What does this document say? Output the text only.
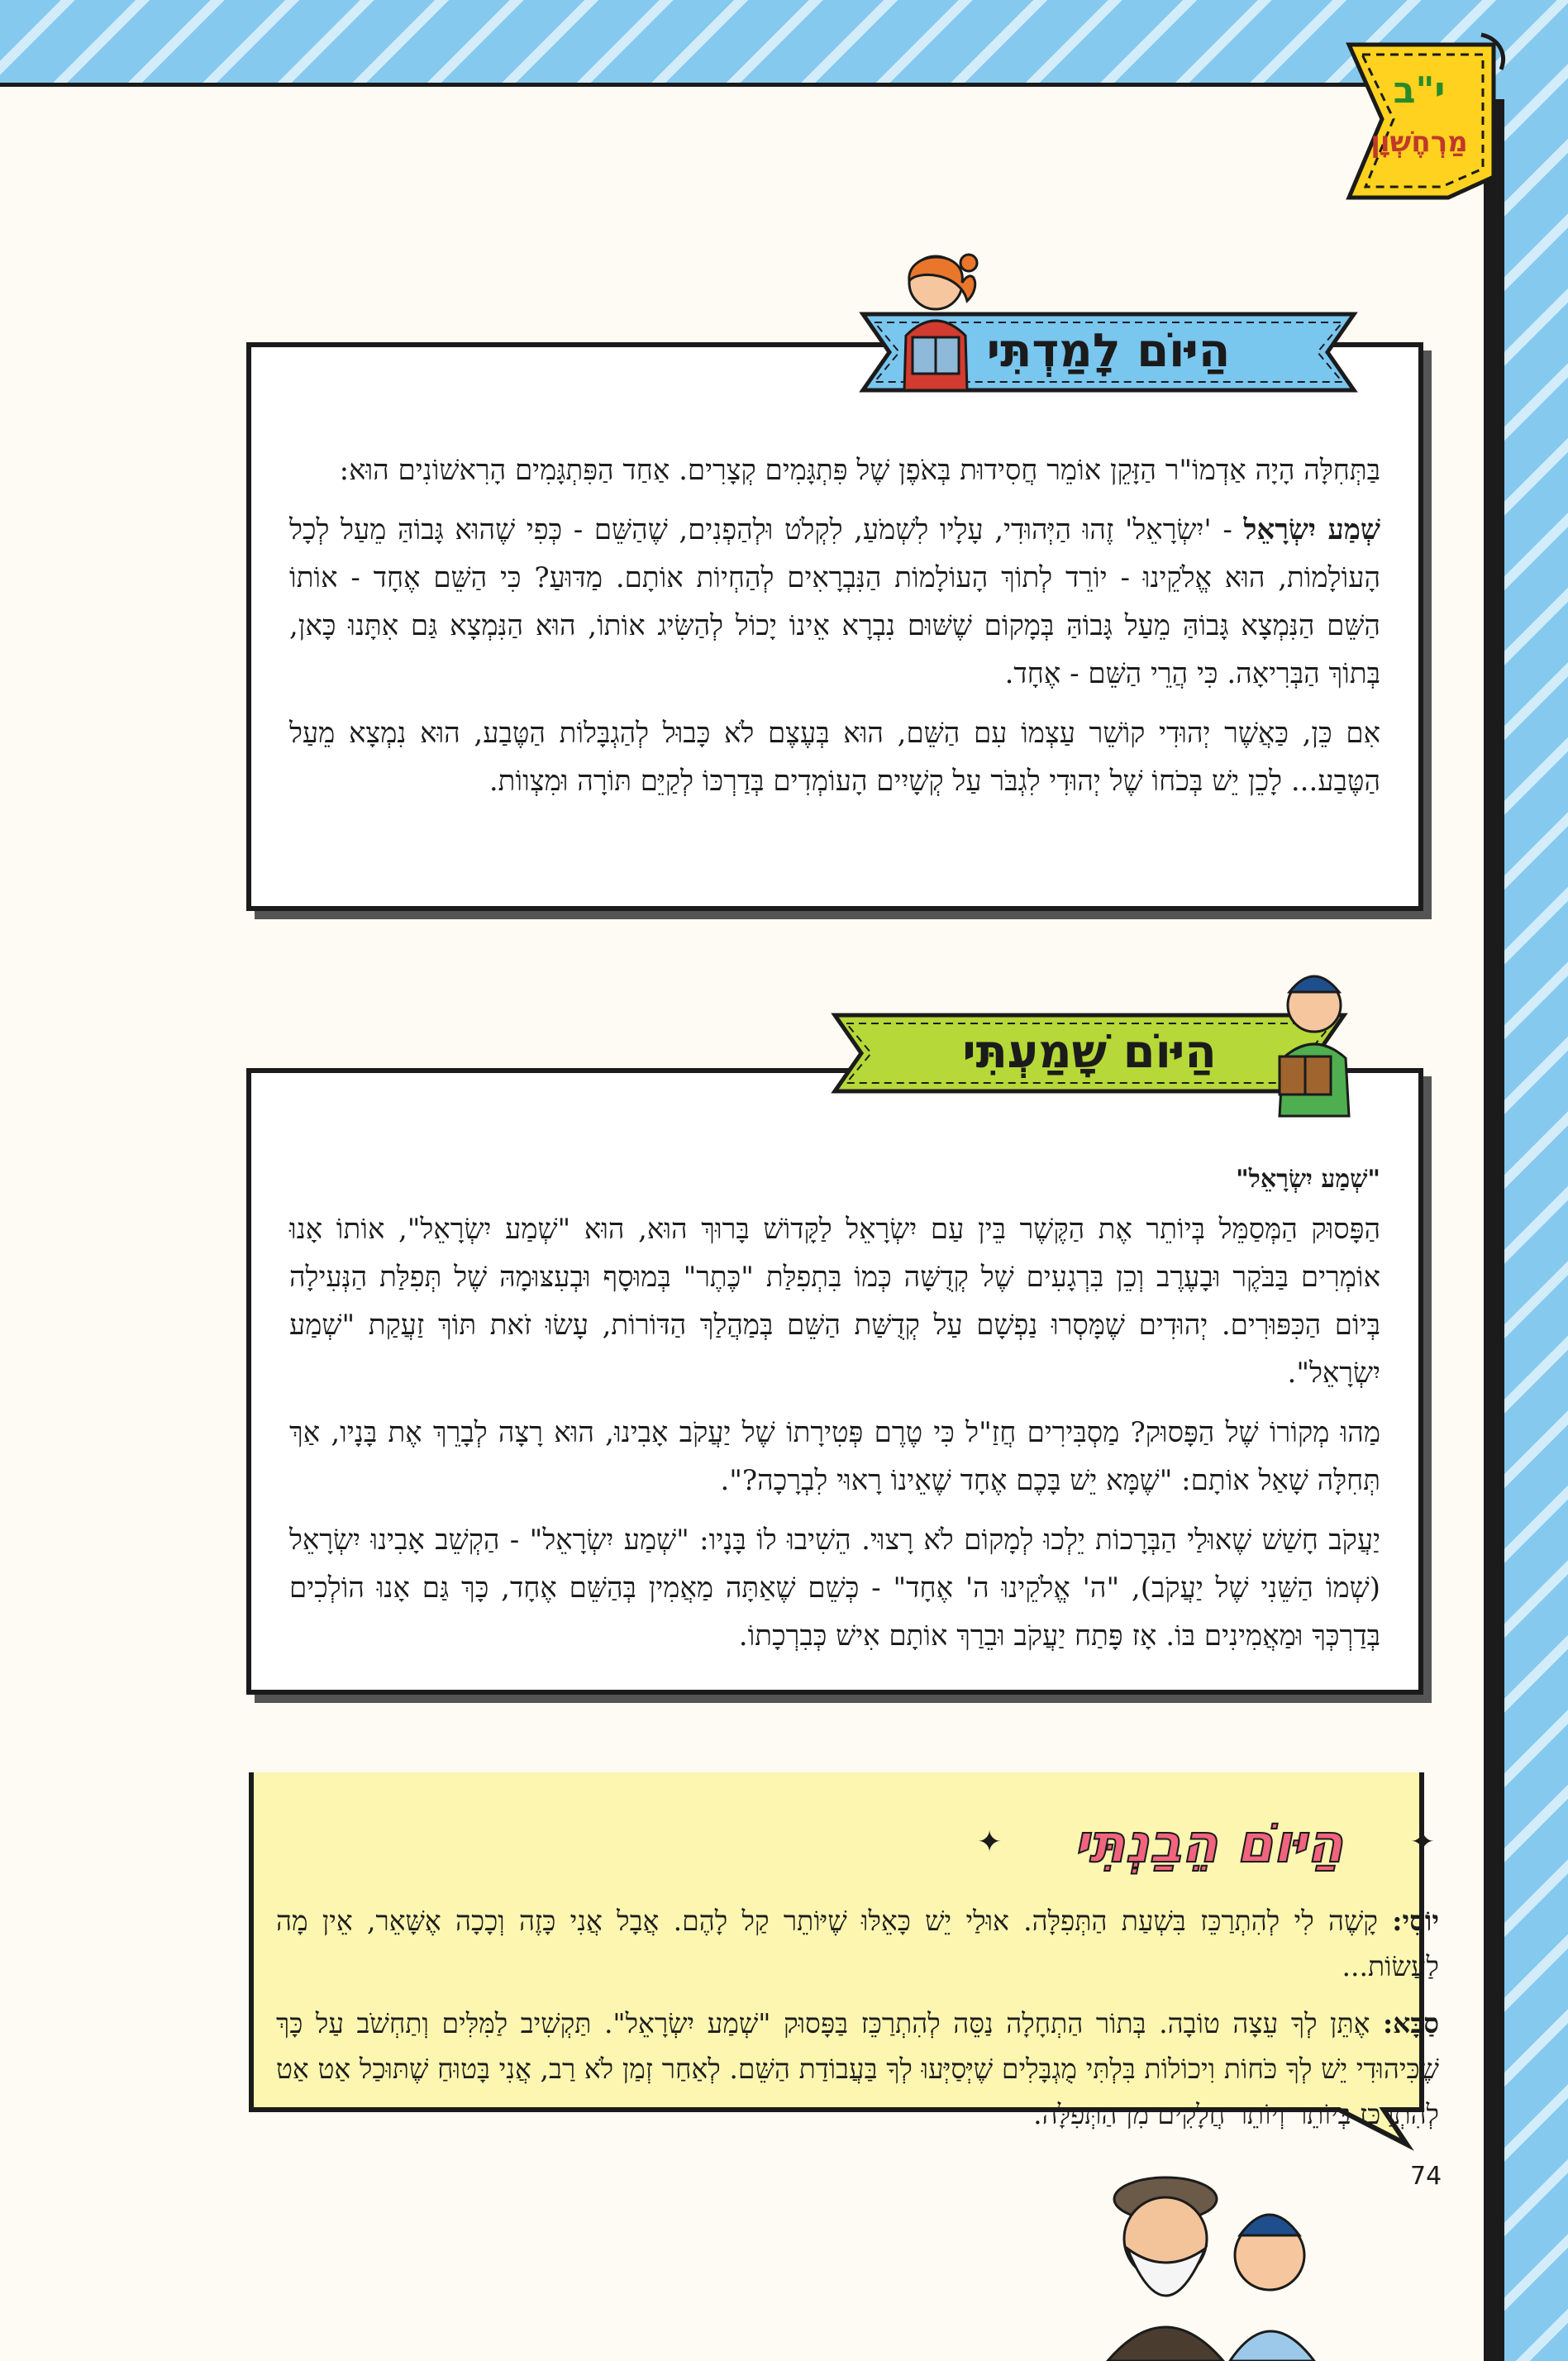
י"ב
מַרְחֶשְׁוָן

בַּתְּחִלָּה הָיָה אַדְמוֹ"ר הַזָּקֵן אוֹמֵר חֲסִידוּת בְּאֹפֶן שֶׁל פִּתְגָּמִים קְצָרִים. אַחַד הַפִּתְגָּמִים הָרִאשׁוֹנִים הוּא:

שְׁמַע יִשְׂרָאֵל - 'יִשְׂרָאֵל' זֶהוּ הַיְּהוּדִי, עָלָיו לִשְׁמֹעַ, לִקְלֹט וּלְהַפְנִים, שֶׁהַשֵּׁם - כְּפִי שֶׁהוּא גָּבוֹהַּ מֵעַל לְכָל הָעוֹלָמוֹת, הוּא אֱלֹקֵינוּ - יוֹרֵד לְתוֹךְ הָעוֹלָמוֹת הַנִּבְרָאִים לְהַחְיוֹת אוֹתָם. מַדּוּעַ? כִּי הַשֵּׁם אֶחָד - אוֹתוֹ הַשֵּׁם הַנִּמְצָא גָּבוֹהַּ מֵעַל גָּבוֹהַּ בְּמָקוֹם שֶׁשּׁוּם נִבְרָא אֵינוֹ יָכוֹל לְהַשִּׂיג אוֹתוֹ, הוּא הַנִּמְצָא גַּם אִתָּנוּ כָּאן, בְּתוֹךְ הַבְּרִיאָה. כִּי הֲרֵי הַשֵּׁם - אֶחָד.

אִם כֵּן, כַּאֲשֶׁר יְהוּדִי קוֹשֵׁר עַצְמוֹ עִם הַשֵּׁם, הוּא בְּעֶצֶם לֹא כָּבוּל לְהַגְבָּלוֹת הַטֶּבַע, הוּא נִמְצָא מֵעַל הַטֶּבַע... לָכֵן יֵשׁ בְּכֹחוֹ שֶׁל יְהוּדִי לִגְבֹּר עַל קְשָׁיִים הָעוֹמְדִים בְּדַרְכּוֹ לְקַיֵּם תּוֹרָה וּמִצְווֹת.

הַיּוֹם לָמַדְתִּי

"שְׁמַע יִשְׂרָאֵל"

הַפָּסוּק הַמְּסַמֵּל בְּיוֹתֵר אֶת הַקֶּשֶׁר בֵּין עַם יִשְׂרָאֵל לַקָּדוֹשׁ בָּרוּךְ הוּא, הוּא "שְׁמַע יִשְׂרָאֵל", אוֹתוֹ אָנוּ אוֹמְרִים בַּבֹּקֶר וּבָעֶרֶב וְכֵן בִּרְגָעִים שֶׁל קְדֻשָּׁה כְּמוֹ בִּתְפִלַּת "כֶּתֶר" בְּמוּסָף וּבְעִצּוּמָהּ שֶׁל תְּפִלַּת הַנְּעִילָה בְּיוֹם הַכִּפּוּרִים. יְהוּדִים שֶׁמָּסְרוּ נַפְשָׁם עַל קְדֻשַּׁת הַשֵּׁם בְּמַהֲלַךְ הַדּוֹרוֹת, עָשׂוּ זֹאת תּוֹךְ זַעֲקַת "שְׁמַע יִשְׂרָאֵל".

מַהוּ מְקוֹרוֹ שֶׁל הַפָּסוּק? מַסְבִּירִים חֲזַ"ל כִּי טֶרֶם פְּטִירָתוֹ שֶׁל יַעֲקֹב אָבִינוּ, הוּא רָצָה לְבָרֵךְ אֶת בָּנָיו, אַךְ תְּחִלָּה שָׁאַל אוֹתָם: "שֶׁמָּא יֵשׁ בָּכֶם אֶחָד שֶׁאֵינוֹ רָאוּי לִבְרָכָה?".

יַעֲקֹב חָשַׁשׁ שֶׁאוּלַי הַבְּרָכוֹת יֵלְכוּ לְמָקוֹם לֹא רָצוּי. הֵשִׁיבוּ לוֹ בָּנָיו: "שְׁמַע יִשְׂרָאֵל" - הַקְשֵׁב אָבִינוּ יִשְׂרָאֵל (שְׁמוֹ הַשֵּׁנִי שֶׁל יַעֲקֹב), "ה' אֱלֹקֵינוּ ה' אֶחָד" - כְּשֵׁם שֶׁאַתָּה מַאֲמִין בְּהַשֵּׁם אֶחָד, כָּךְ גַּם אָנוּ הוֹלְכִים בְּדַרְכְּךָ וּמַאֲמִינִים בּוֹ. אָז פָּתַח יַעֲקֹב וּבֵרַךְ אוֹתָם אִישׁ כְּבִרְכָתוֹ.

הַיּוֹם שָׁמַעְתִּי
הַיּוֹם הֵבַנְתִּי
✦	✦

יוֹסִי: קָשֶׁה לִי לְהִתְרַכֵּז בִּשְׁעַת הַתְּפִלָּה. אוּלַי יֵשׁ כָּאֵלּוּ שֶׁיּוֹתֵר קַל לָהֶם. אֲבָל אֲנִי כָּזֶה וְכָכָה אֶשָּׁאֵר, אֵין מָה לַעֲשׂוֹת...

סַבָּא: אֶתֵּן לְךָ עֵצָה טוֹבָה. בְּתוֹר הַתְחָלָה נַסֵּה לְהִתְרַכֵּז בַּפָּסוּק "שְׁמַע יִשְׂרָאֵל". תַּקְשִׁיב לַמִּלִּים וְתַחְשֹׁב עַל כָּךְ שֶׁכִּיהוּדִי יֵשׁ לְךָ כֹּחוֹת וִיכוֹלוֹת בִּלְתִּי מֻגְבָּלִים שֶׁיְּסַיְּעוּ לְךָ בַּעֲבוֹדַת הַשֵּׁם. לְאַחַר זְמַן לֹא רַב, אֲנִי בָּטוּחַ שֶׁתּוּכַל אַט אַט לְהִתְרַכֵּז בְּיוֹתֵר וְיוֹתֵר חֲלָקִים מִן הַתְּפִלָּה.

74
